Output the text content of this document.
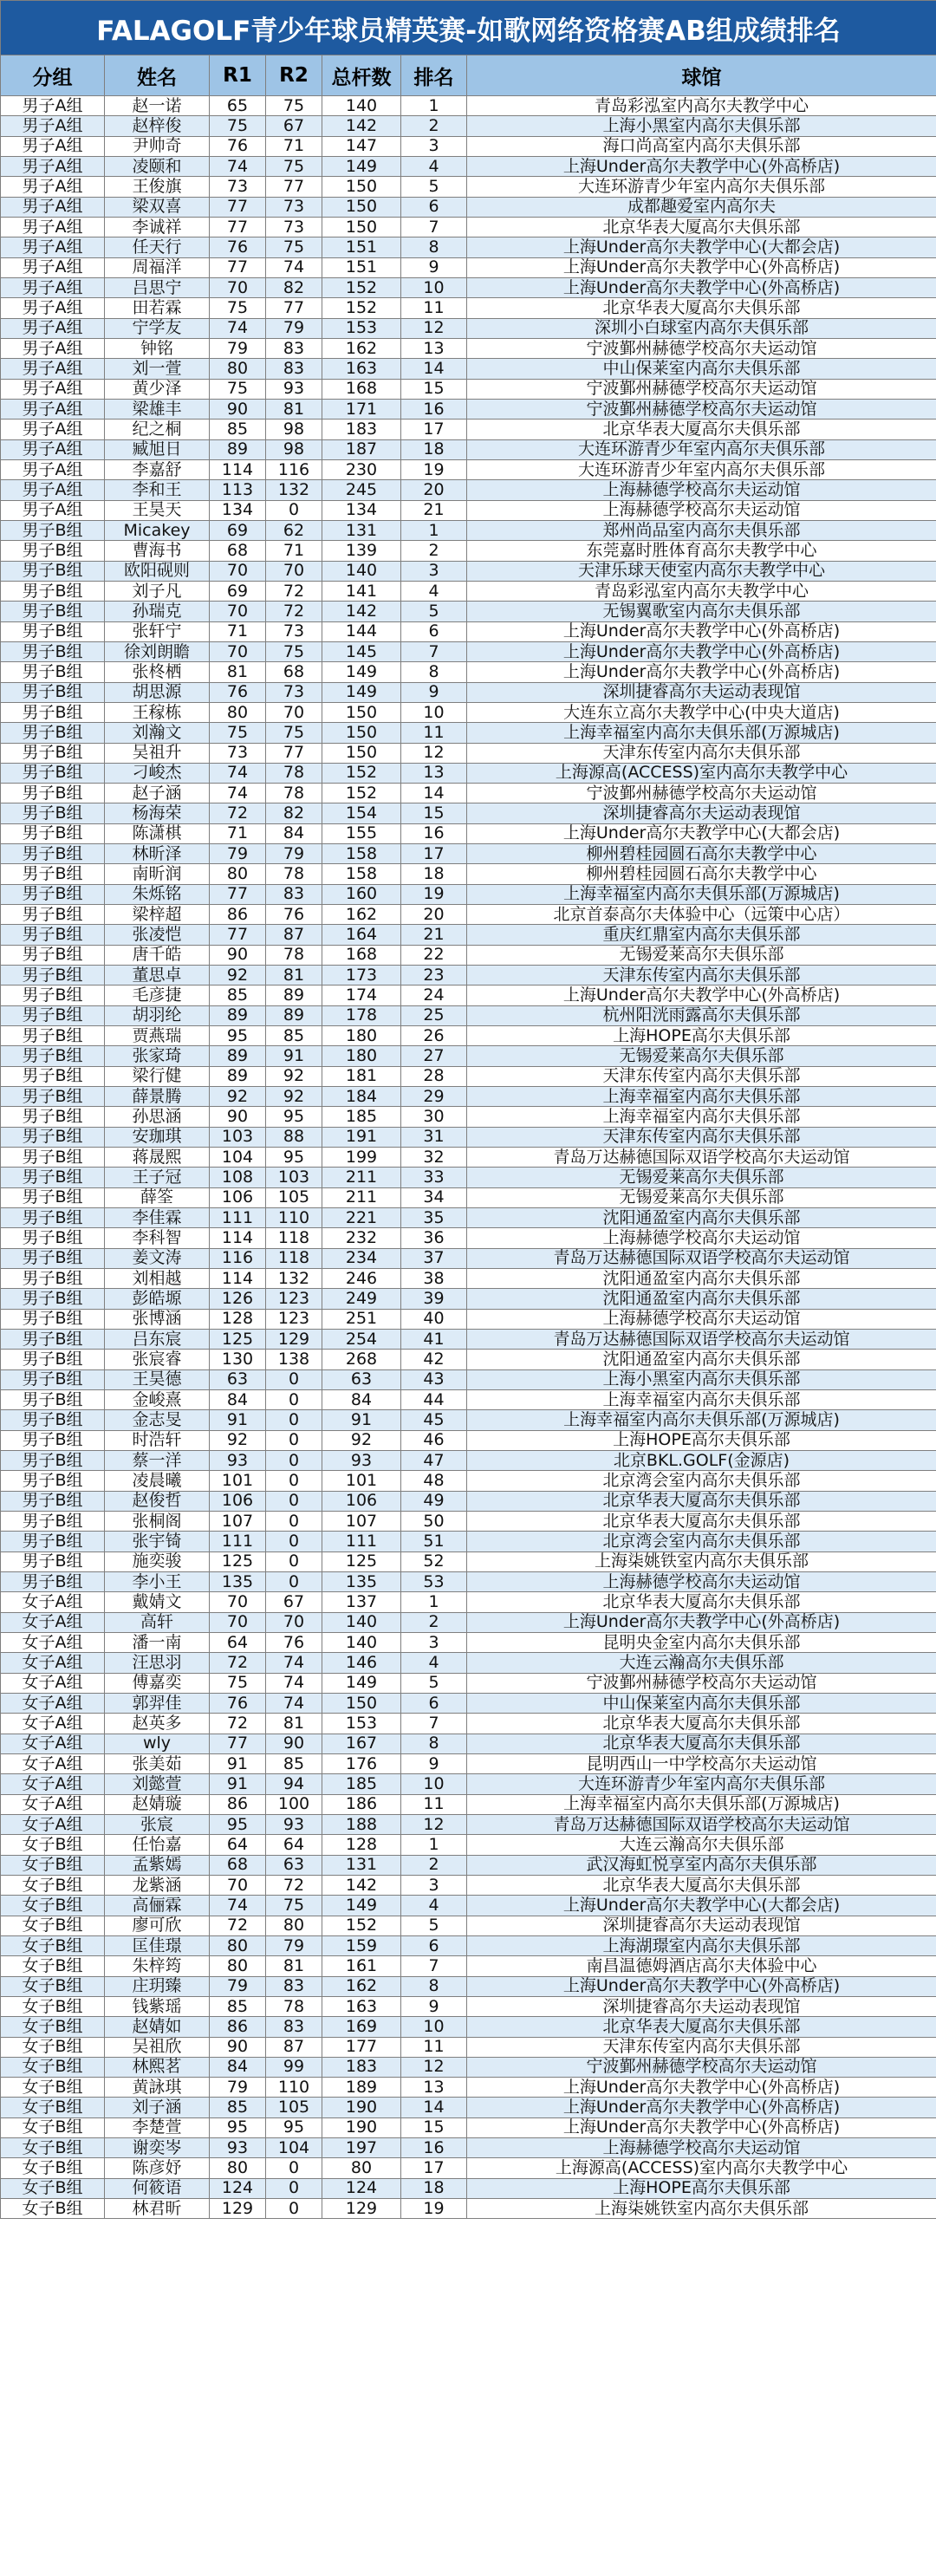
FALAGOLF青少年球员精英赛-如歌网络资格赛AB组成绩排名						
分组	姓名	R1	R2	总杆数	排名	球馆
男子A组	赵一诺	65	75	140	1	青岛彩泓室内高尔夫教学中心
男子A组	赵梓俊	75	67	142	2	上海小黑室内高尔夫俱乐部
男子A组	尹帅奇	76	71	147	3	海口尚高室内高尔夫俱乐部
男子A组	凌颐和	74	75	149	4	上海Under高尔夫教学中心(外高桥店)
男子A组	王俊旗	73	77	150	5	大连环游青少年室内高尔夫俱乐部
男子A组	梁双喜	77	73	150	6	成都趣爱室内高尔夫
男子A组	李诚祥	77	73	150	7	北京华表大厦高尔夫俱乐部
男子A组	任天行	76	75	151	8	上海Under高尔夫教学中心(大都会店)
男子A组	周福洋	77	74	151	9	上海Under高尔夫教学中心(外高桥店)
男子A组	吕思宁	70	82	152	10	上海Under高尔夫教学中心(外高桥店)
男子A组	田若霖	75	77	152	11	北京华表大厦高尔夫俱乐部
男子A组	宁学友	74	79	153	12	深圳小白球室内高尔夫俱乐部
男子A组	钟铭	79	83	162	13	宁波鄞州赫德学校高尔夫运动馆
男子A组	刘一萱	80	83	163	14	中山保莱室内高尔夫俱乐部
男子A组	黄少泽	75	93	168	15	宁波鄞州赫德学校高尔夫运动馆
男子A组	梁雄丰	90	81	171	16	宁波鄞州赫德学校高尔夫运动馆
男子A组	纪之桐	85	98	183	17	北京华表大厦高尔夫俱乐部
男子A组	臧旭日	89	98	187	18	大连环游青少年室内高尔夫俱乐部
男子A组	李嘉舒	114	116	230	19	大连环游青少年室内高尔夫俱乐部
男子A组	李和王	113	132	245	20	上海赫德学校高尔夫运动馆
男子A组	王昊天	134	0	134	21	上海赫德学校高尔夫运动馆
男子B组	Micakey	69	62	131	1	郑州尚品室内高尔夫俱乐部
男子B组	曹海书	68	71	139	2	东莞嘉时胜体育高尔夫教学中心
男子B组	欧阳砚则	70	70	140	3	天津乐球天使室内高尔夫教学中心
男子B组	刘子凡	69	72	141	4	青岛彩泓室内高尔夫教学中心
男子B组	孙瑞克	70	72	142	5	无锡翼歌室内高尔夫俱乐部
男子B组	张轩宁	71	73	144	6	上海Under高尔夫教学中心(外高桥店)
男子B组	徐刘朗瞻	70	75	145	7	上海Under高尔夫教学中心(外高桥店)
男子B组	张柊栖	81	68	149	8	上海Under高尔夫教学中心(外高桥店)
男子B组	胡思源	76	73	149	9	深圳捷睿高尔夫运动表现馆
男子B组	王稼栋	80	70	150	10	大连东立高尔夫教学中心(中央大道店)
男子B组	刘瀚文	75	75	150	11	上海幸福室内高尔夫俱乐部(万源城店)
男子B组	吴祖升	73	77	150	12	天津东传室内高尔夫俱乐部
男子B组	刁峻杰	74	78	152	13	上海源高(ACCESS)室内高尔夫教学中心
男子B组	赵子涵	74	78	152	14	宁波鄞州赫德学校高尔夫运动馆
男子B组	杨海荣	72	82	154	15	深圳捷睿高尔夫运动表现馆
男子B组	陈潇棋	71	84	155	16	上海Under高尔夫教学中心(大都会店)
男子B组	林昕泽	79	79	158	17	柳州碧桂园圆石高尔夫教学中心
男子B组	南昕润	80	78	158	18	柳州碧桂园圆石高尔夫教学中心
男子B组	朱烁铭	77	83	160	19	上海幸福室内高尔夫俱乐部(万源城店)
男子B组	梁梓超	86	76	162	20	北京首泰高尔夫体验中心（远策中心店）
男子B组	张凌恺	77	87	164	21	重庆红鼎室内高尔夫俱乐部
男子B组	唐千皓	90	78	168	22	无锡爱莱高尔夫俱乐部
男子B组	董思卓	92	81	173	23	天津东传室内高尔夫俱乐部
男子B组	毛彦捷	85	89	174	24	上海Under高尔夫教学中心(外高桥店)
男子B组	胡羽纶	89	89	178	25	杭州阳洸雨露高尔夫俱乐部
男子B组	贾燕瑞	95	85	180	26	上海HOPE高尔夫俱乐部
男子B组	张家琦	89	91	180	27	无锡爱莱高尔夫俱乐部
男子B组	梁行健	89	92	181	28	天津东传室内高尔夫俱乐部
男子B组	薛景腾	92	92	184	29	上海幸福室内高尔夫俱乐部
男子B组	孙思涵	90	95	185	30	上海幸福室内高尔夫俱乐部
男子B组	安珈琪	103	88	191	31	天津东传室内高尔夫俱乐部
男子B组	蒋晟熙	104	95	199	32	青岛万达赫德国际双语学校高尔夫运动馆
男子B组	王子冠	108	103	211	33	无锡爱莱高尔夫俱乐部
男子B组	薛筌	106	105	211	34	无锡爱莱高尔夫俱乐部
男子B组	李佳霖	111	110	221	35	沈阳通盈室内高尔夫俱乐部
男子B组	李科智	114	118	232	36	上海赫德学校高尔夫运动馆
男子B组	姜文涛	116	118	234	37	青岛万达赫德国际双语学校高尔夫运动馆
男子B组	刘相越	114	132	246	38	沈阳通盈室内高尔夫俱乐部
男子B组	彭皓塬	126	123	249	39	沈阳通盈室内高尔夫俱乐部
男子B组	张博涵	128	123	251	40	上海赫德学校高尔夫运动馆
男子B组	吕东宸	125	129	254	41	青岛万达赫德国际双语学校高尔夫运动馆
男子B组	张宸睿	130	138	268	42	沈阳通盈室内高尔夫俱乐部
男子B组	王昊德	63	0	63	43	上海小黑室内高尔夫俱乐部
男子B组	金峻熹	84	0	84	44	上海幸福室内高尔夫俱乐部
男子B组	金志旻	91	0	91	45	上海幸福室内高尔夫俱乐部(万源城店)
男子B组	时浩轩	92	0	92	46	上海HOPE高尔夫俱乐部
男子B组	蔡一洋	93	0	93	47	北京BKL.GOLF(金源店)
男子B组	凌晨曦	101	0	101	48	北京湾会室内高尔夫俱乐部
男子B组	赵俊哲	106	0	106	49	北京华表大厦高尔夫俱乐部
男子B组	张桐阁	107	0	107	50	北京华表大厦高尔夫俱乐部
男子B组	张宇锜	111	0	111	51	北京湾会室内高尔夫俱乐部
男子B组	施奕骏	125	0	125	52	上海柒姚铁室内高尔夫俱乐部
男子B组	李小王	135	0	135	53	上海赫德学校高尔夫运动馆
女子A组	戴婧文	70	67	137	1	北京华表大厦高尔夫俱乐部
女子A组	高轩	70	70	140	2	上海Under高尔夫教学中心(外高桥店)
女子A组	潘一南	64	76	140	3	昆明央金室内高尔夫俱乐部
女子A组	汪思羽	72	74	146	4	大连云瀚高尔夫俱乐部
女子A组	傅嘉奕	75	74	149	5	宁波鄞州赫德学校高尔夫运动馆
女子A组	郭羿佳	76	74	150	6	中山保莱室内高尔夫俱乐部
女子A组	赵英多	72	81	153	7	北京华表大厦高尔夫俱乐部
女子A组	wly	77	90	167	8	北京华表大厦高尔夫俱乐部
女子A组	张美茹	91	85	176	9	昆明西山一中学校高尔夫运动馆
女子A组	刘懿萱	91	94	185	10	大连环游青少年室内高尔夫俱乐部
女子A组	赵婧璇	86	100	186	11	上海幸福室内高尔夫俱乐部(万源城店)
女子A组	张宸	95	93	188	12	青岛万达赫德国际双语学校高尔夫运动馆
女子B组	任怡嘉	64	64	128	1	大连云瀚高尔夫俱乐部
女子B组	孟紫嫣	68	63	131	2	武汉海虹悦享室内高尔夫俱乐部
女子B组	龙紫涵	70	72	142	3	北京华表大厦高尔夫俱乐部
女子B组	高俪霖	74	75	149	4	上海Under高尔夫教学中心(大都会店)
女子B组	廖可欣	72	80	152	5	深圳捷睿高尔夫运动表现馆
女子B组	匡佳璟	80	79	159	6	上海湖璟室内高尔夫俱乐部
女子B组	朱梓筠	80	81	161	7	南昌温德姆酒店高尔夫体验中心
女子B组	庄玥臻	79	83	162	8	上海Under高尔夫教学中心(外高桥店)
女子B组	钱紫瑶	85	78	163	9	深圳捷睿高尔夫运动表现馆
女子B组	赵婧如	86	83	169	10	北京华表大厦高尔夫俱乐部
女子B组	吴祖欣	90	87	177	11	天津东传室内高尔夫俱乐部
女子B组	林熙茗	84	99	183	12	宁波鄞州赫德学校高尔夫运动馆
女子B组	黄詠琪	79	110	189	13	上海Under高尔夫教学中心(外高桥店)
女子B组	刘子涵	85	105	190	14	上海Under高尔夫教学中心(外高桥店)
女子B组	李楚萱	95	95	190	15	上海Under高尔夫教学中心(外高桥店)
女子B组	谢奕岑	93	104	197	16	上海赫德学校高尔夫运动馆
女子B组	陈彦妤	80	0	80	17	上海源高(ACCESS)室内高尔夫教学中心
女子B组	何筱语	124	0	124	18	上海HOPE高尔夫俱乐部
女子B组	林君昕	129	0	129	19	上海柒姚铁室内高尔夫俱乐部
